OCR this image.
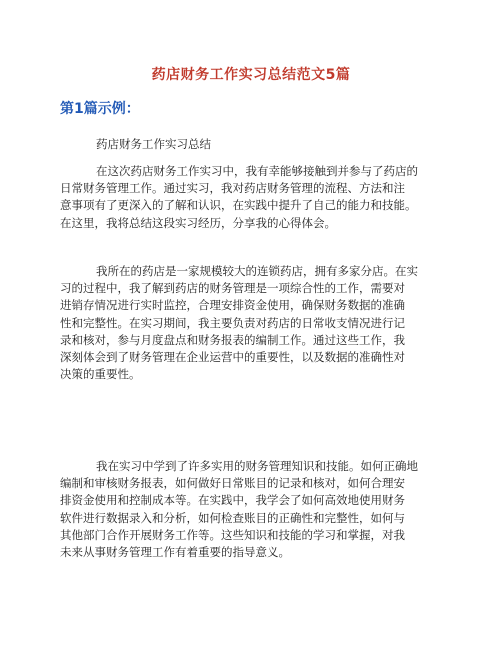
药店财务工作实习总结范文5篇
第1篇示例：
药店财务工作实习总结
在这次药店财务工作实习中，我有幸能够接触到并参与了药店的
日常财务管理工作。通过实习，我对药店财务管理的流程、方法和注
意事项有了更深入的了解和认识，在实践中提升了自己的能力和技能。
在这里，我将总结这段实习经历，分享我的心得体会。
我所在的药店是一家规模较大的连锁药店，拥有多家分店。在实
习的过程中，我了解到药店的财务管理是一项综合性的工作，需要对
进销存情况进行实时监控，合理安排资金使用，确保财务数据的准确
性和完整性。在实习期间，我主要负责对药店的日常收支情况进行记
录和核对，参与月度盘点和财务报表的编制工作。通过这些工作，我
深刻体会到了财务管理在企业运营中的重要性，以及数据的准确性对
决策的重要性。
我在实习中学到了许多实用的财务管理知识和技能。如何正确地
编制和审核财务报表，如何做好日常账目的记录和核对，如何合理安
排资金使用和控制成本等。在实践中，我学会了如何高效地使用财务
软件进行数据录入和分析，如何检查账目的正确性和完整性，如何与
其他部门合作开展财务工作等。这些知识和技能的学习和掌握，对我
未来从事财务管理工作有着重要的指导意义。
